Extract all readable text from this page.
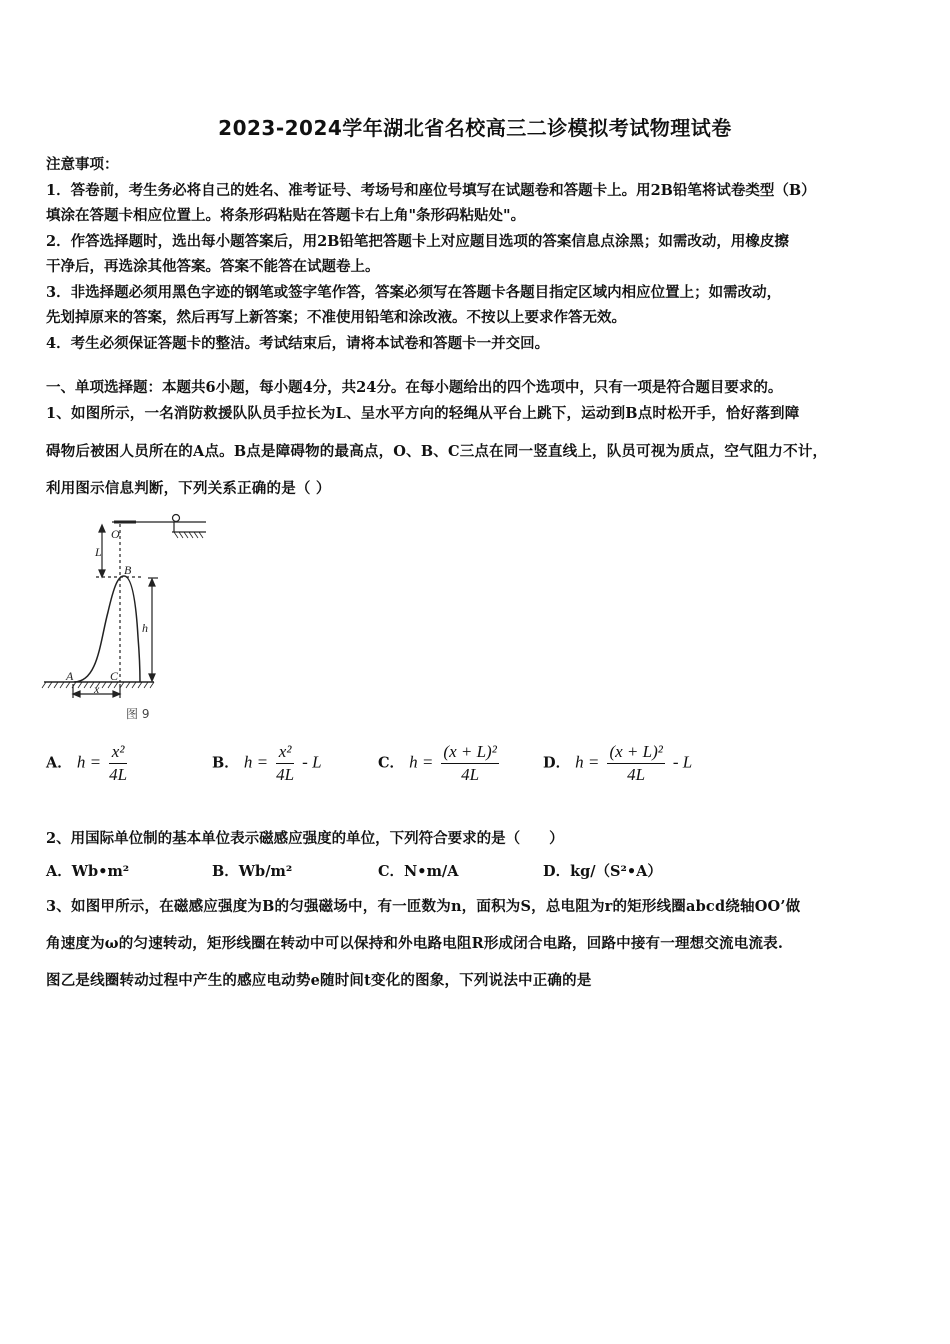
2023-2024学年湖北省名校高三二诊模拟考试物理试卷
注意事项：
1．答卷前，考生务必将自己的姓名、准考证号、考场号和座位号填写在试题卷和答题卡上。用2B铅笔将试卷类型（B）
填涂在答题卡相应位置上。将条形码粘贴在答题卡右上角"条形码粘贴处"。
2．作答选择题时，选出每小题答案后，用2B铅笔把答题卡上对应题目选项的答案信息点涂黑；如需改动，用橡皮擦
干净后，再选涂其他答案。答案不能答在试题卷上。
3．非选择题必须用黑色字迹的钢笔或签字笔作答，答案必须写在答题卡各题目指定区域内相应位置上；如需改动，
先划掉原来的答案，然后再写上新答案；不准使用铅笔和涂改液。不按以上要求作答无效。
4．考生必须保证答题卡的整洁。考试结束后，请将本试卷和答题卡一并交回。
一、单项选择题：本题共6小题，每小题4分，共24分。在每小题给出的四个选项中，只有一项是符合题目要求的。
1、如图所示，一名消防救援队队员手拉长为L、呈水平方向的轻绳从平台上跳下，运动到B点时松开手，恰好落到障
碍物后被困人员所在的A点。B点是障碍物的最高点，O、B、C三点在同一竖直线上，队员可视为质点，空气阻力不计，
利用图示信息判断，下列关系正确的是（ ）
O
L
B
h
A	C
x
图 9
A． $h = \frac{\text{x²}}{4L}$	B． $h = \frac{\text{x²}}{4L} - L$	C． $h = \frac{\text{(x + L)²}}{4L}$	D． $h = \frac{\text{(x + L)²}}{4L} - L$
2、用国际单位制的基本单位表示磁感应强度的单位，下列符合要求的是（　　）
A．Wb•m²	B．Wb/m²	C．N•m/A	D．kg/（S²•A）
3、如图甲所示，在磁感应强度为B的匀强磁场中，有一匝数为n，面积为S，总电阻为r的矩形线圈abcd绕轴OO’做
角速度为ω的匀速转动，矩形线圈在转动中可以保持和外电路电阻R形成闭合电路，回路中接有一理想交流电流表.
图乙是线圈转动过程中产生的感应电动势e随时间t变化的图象，下列说法中正确的是
